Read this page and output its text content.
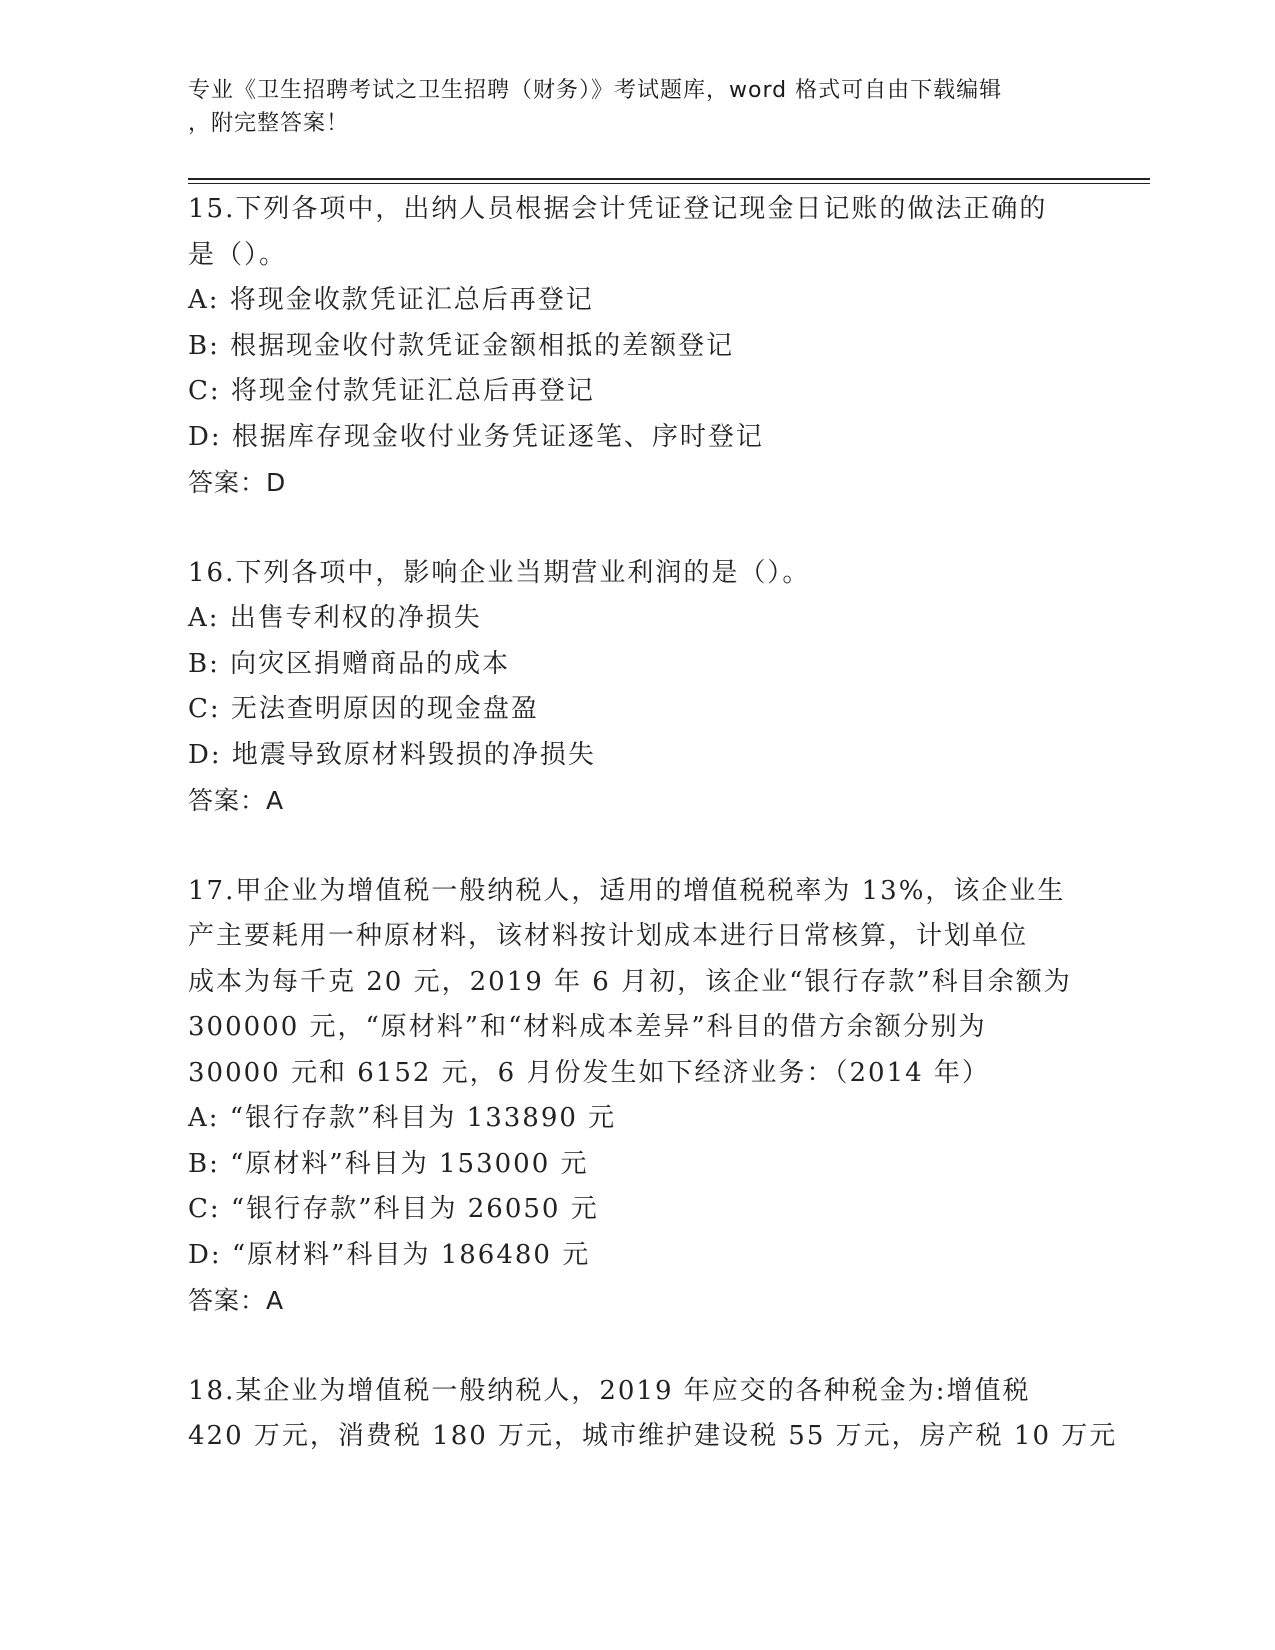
专业《卫生招聘考试之卫生招聘（财务）》考试题库，word 格式可自由下载编辑
，附完整答案！

15.下列各项中，出纳人员根据会计凭证登记现金日记账的做法正确的

是（）。

A: 将现金收款凭证汇总后再登记

B: 根据现金收付款凭证金额相抵的差额登记

C: 将现金付款凭证汇总后再登记

D: 根据库存现金收付业务凭证逐笔、序时登记

答案：D

16.下列各项中，影响企业当期营业利润的是（）。

A: 出售专利权的净损失

B: 向灾区捐赠商品的成本

C: 无法查明原因的现金盘盈

D: 地震导致原材料毁损的净损失

答案：A

17.甲企业为增值税一般纳税人，适用的增值税税率为 13%，该企业生

产主要耗用一种原材料，该材料按计划成本进行日常核算，计划单位

成本为每千克 20 元，2019 年 6 月初，该企业“银行存款”科目余额为

300000 元，“原材料”和“材料成本差异”科目的借方余额分别为

30000 元和 6152 元，6 月份发生如下经济业务：（2014 年）

A: “银行存款”科目为 133890 元

B: “原材料”科目为 153000 元

C: “银行存款”科目为 26050 元

D: “原材料”科目为 186480 元

答案：A

18.某企业为增值税一般纳税人，2019 年应交的各种税金为:增值税

420 万元，消费税 180 万元，城市维护建设税 55 万元，房产税 10 万元
